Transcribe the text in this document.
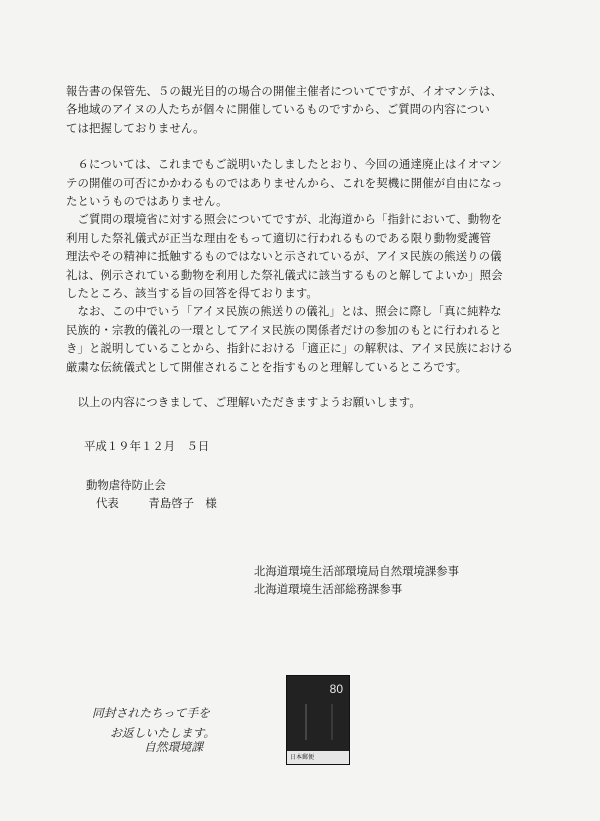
報告書の保管先、５の観光目的の場合の開催主催者についてですが、イオマンテは、
各地域のアイヌの人たちが個々に開催しているものですから、ご質問の内容につい
ては把握しておりません。

　６については、これまでもご説明いたしましたとおり、今回の通達廃止はイオマン
テの開催の可否にかかわるものではありませんから、これを契機に開催が自由になっ
たというものではありません。

　ご質問の環境省に対する照会についてですが、北海道から「指針において、動物を
利用した祭礼儀式が正当な理由をもって適切に行われるものである限り動物愛護管
理法やその精神に抵触するものではないと示されているが、アイヌ民族の熊送りの儀
礼は、例示されている動物を利用した祭礼儀式に該当するものと解してよいか」照会
したところ、該当する旨の回答を得ております。

　なお、この中でいう「アイヌ民族の熊送りの儀礼」とは、照会に際し「真に純粋な
民族的・宗教的儀礼の一環としてアイヌ民族の関係者だけの参加のもとに行われると
き」と説明していることから、指針における「適正に」の解釈は、アイヌ民族における
厳粛な伝統儀式として開催されることを指すものと理解しているところです。

　以上の内容につきまして、ご理解いただきますようお願いします。

平成１９年１２月　５日
動物虐待防止会
代表	青島啓子　様
北海道環境生活部環境局自然環境課参事
北海道環境生活部総務課参事
同封されたちって手を
お返しいたします。
自然環境課
80
日本郵便
